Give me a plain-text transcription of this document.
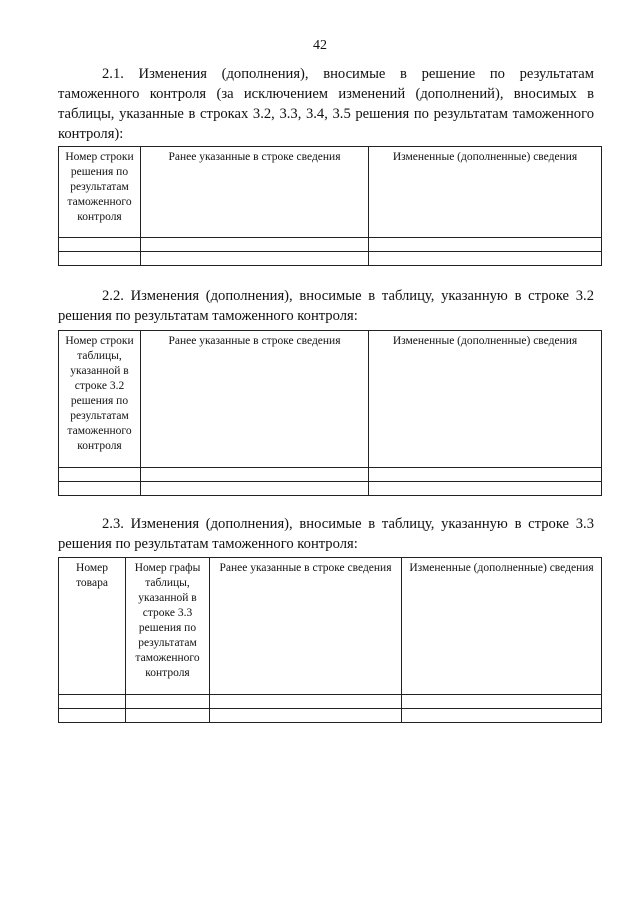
42

2.1. Изменения (дополнения), вносимые в решение по результатам таможенного контроля (за исключением изменений (дополнений), вносимых в таблицы, указанные в строках 3.2, 3.3, 3.4, 3.5 решения по результатам таможенного контроля):

Номер строки решения по результатам таможенного контроля	Ранее указанные в строке сведения	Измененные (дополненные) сведения

2.2. Изменения (дополнения), вносимые в таблицу, указанную в строке 3.2 решения по результатам таможенного контроля:

Номер строки таблицы, указанной в строке 3.2 решения по результатам таможенного контроля	Ранее указанные в строке сведения	Измененные (дополненные) сведения

2.3. Изменения (дополнения), вносимые в таблицу, указанную в строке 3.3 решения по результатам таможенного контроля:

Номер товара	Номер графы таблицы, указанной в строке 3.3 решения по результатам таможенного контроля	Ранее указанные в строке сведения	Измененные (дополненные) сведения
